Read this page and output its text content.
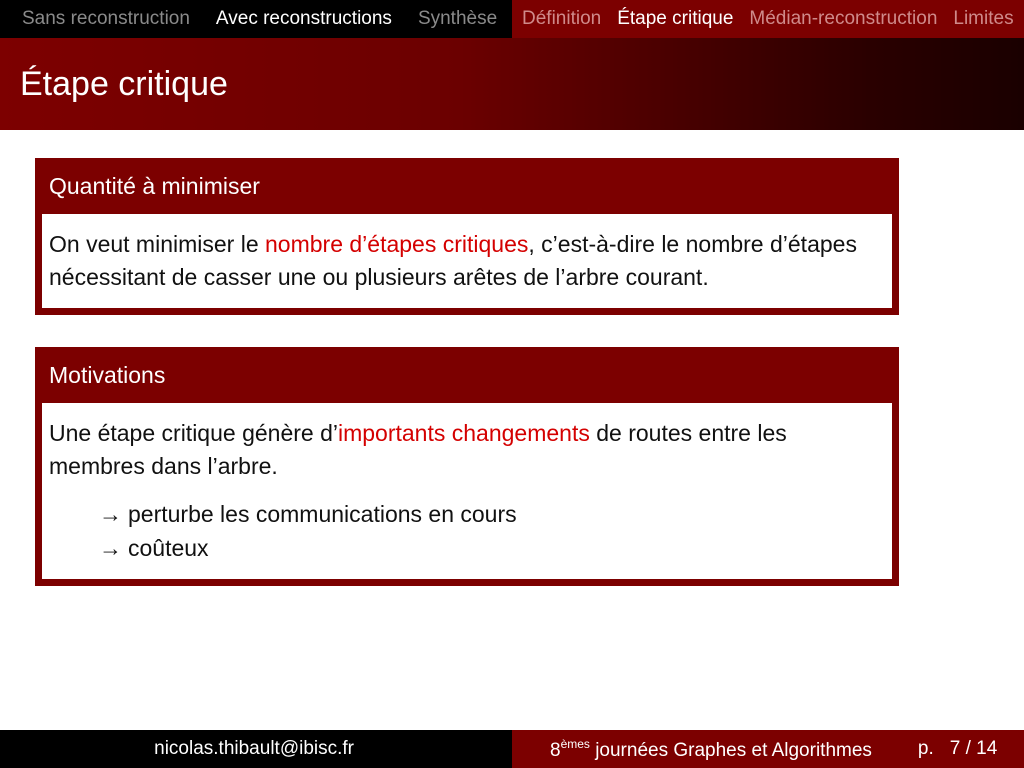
Sans reconstruction Avec reconstructions Synthèse Définition Étape critique Médian-reconstruction Limites
Étape critique
Quantité à minimiser
On veut minimiser le nombre d’étapes critiques, c’est-à-dire le nombre d’étapes nécessitant de casser une ou plusieurs arêtes de l’arbre courant.
Motivations
Une étape critique génère d’importants changements de routes entre les membres dans l’arbre.
→ perturbe les communications en cours
→ coûteux
nicolas.thibault@ibisc.fr	8èmes journées Graphes et Algorithmes p. 7 / 14
